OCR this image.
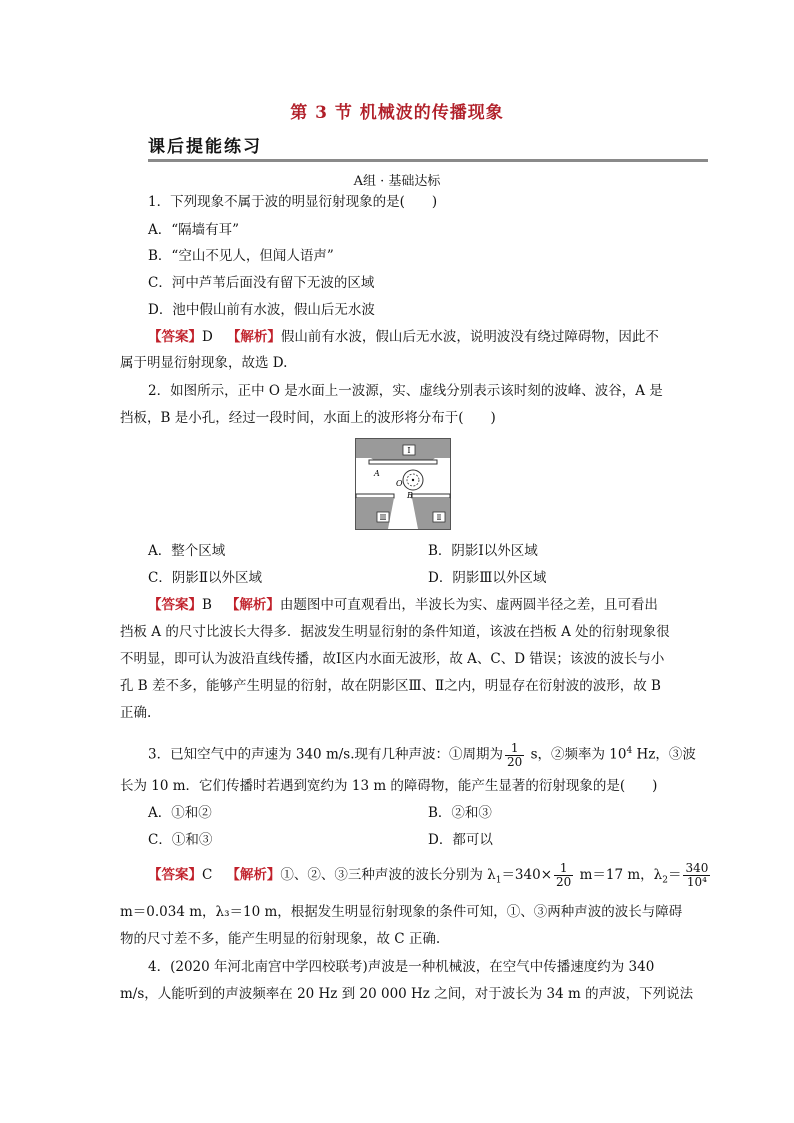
第 3 节 机械波的传播现象
课后提能练习
A组 · 基础达标
1．下列现象不属于波的明显衍射现象的是(　　)
A．“隔墙有耳”
B．“空山不见人，但闻人语声”
C．河中芦苇后面没有留下无波的区域
D．池中假山前有水波，假山后无水波
【答案】D 【解析】假山前有水波，假山后无水波，说明波没有绕过障碍物，因此不
属于明显衍射现象，故选 D.
2．如图所示，正中 O 是水面上一波源，实、虚线分别表示该时刻的波峰、波谷，A 是
挡板，B 是小孔，经过一段时间，水面上的波形将分布于(　　)
Ⅰ
Ⅲ	Ⅱ
A
O
B
A．整个区域	B．阴影Ⅰ以外区域
C．阴影Ⅱ以外区域	D．阴影Ⅲ以外区域
【答案】B 【解析】由题图中可直观看出，半波长为实、虚两圆半径之差，且可看出
挡板 A 的尺寸比波长大得多．据波发生明显衍射的条件知道，该波在挡板 A 处的衍射现象很
不明显，即可认为波沿直线传播，故Ⅰ区内水面无波形，故 A、C、D 错误；该波的波长与小
孔 B 差不多，能够产生明显的衍射，故在阴影区Ⅲ、Ⅱ之内，明显存在衍射波的波形，故 B
正确.
3．已知空气中的声速为 340 m/s.现有几种声波：①周期为 $\frac{1}{20}$ s，②频率为 $10^4$ Hz，③波
长为 10 m．它们传播时若遇到宽约为 13 m 的障碍物，能产生显著的衍射现象的是(　　)
A．①和②	B．②和③
C．①和③	D．都可以
【答案】C 【解析】①、②、③三种声波的波长分别为 $\lambda_1=340\times \frac{1}{20} m=17$ m，$\lambda_2= \frac{340}{\text{10⁴}}$
m＝0.034 m，λ₃＝10 m，根据发生明显衍射现象的条件可知，①、③两种声波的波长与障碍
物的尺寸差不多，能产生明显的衍射现象，故 C 正确.
4．(2020 年河北南宫中学四校联考)声波是一种机械波，在空气中传播速度约为 340
m/s，人能听到的声波频率在 20 Hz 到 20 000 Hz 之间，对于波长为 34 m 的声波，下列说法
